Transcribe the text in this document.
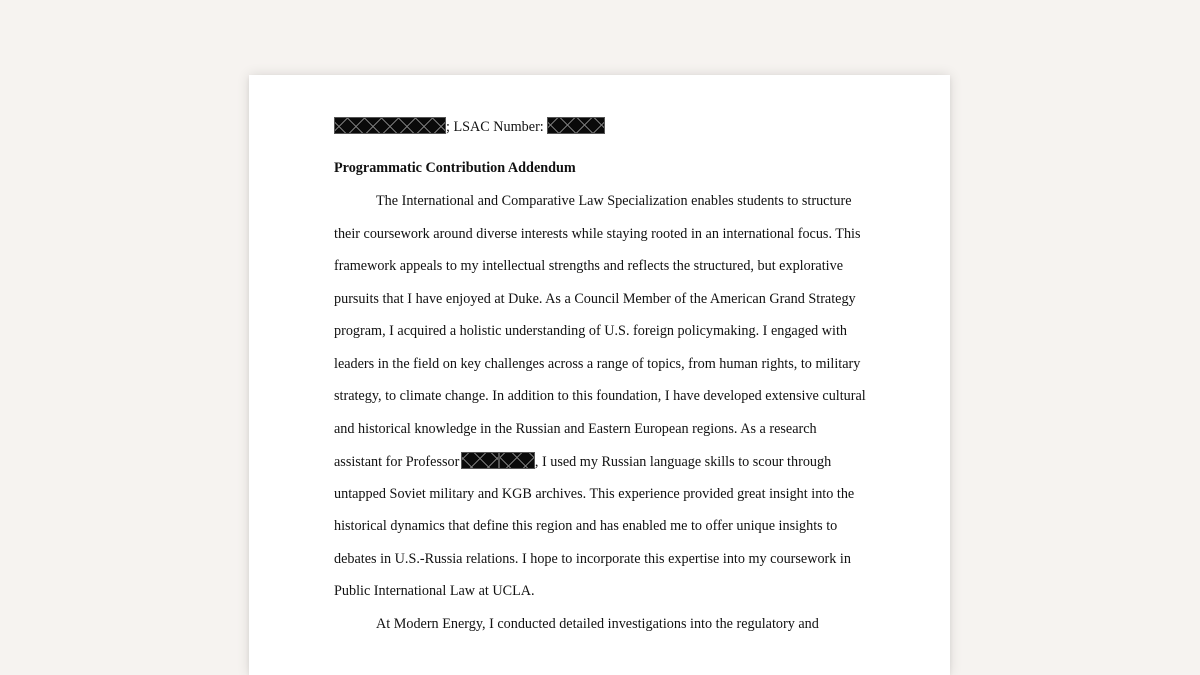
; LSAC Number:
Programmatic Contribution Addendum
The International and Comparative Law Specialization enables students to structure
their coursework around diverse interests while staying rooted in an international focus. This
framework appeals to my intellectual strengths and reflects the structured, but explorative
pursuits that I have enjoyed at Duke. As a Council Member of the American Grand Strategy
program, I acquired a holistic understanding of U.S. foreign policymaking. I engaged with
leaders in the field on key challenges across a range of topics, from human rights, to military
strategy, to climate change. In addition to this foundation, I have developed extensive cultural
and historical knowledge in the Russian and Eastern European regions. As a research
assistant for Professor	, I used my Russian language skills to scour through
untapped Soviet military and KGB archives. This experience provided great insight into the
historical dynamics that define this region and has enabled me to offer unique insights to
debates in U.S.-Russia relations. I hope to incorporate this expertise into my coursework in
Public International Law at UCLA.
At Modern Energy, I conducted detailed investigations into the regulatory and
